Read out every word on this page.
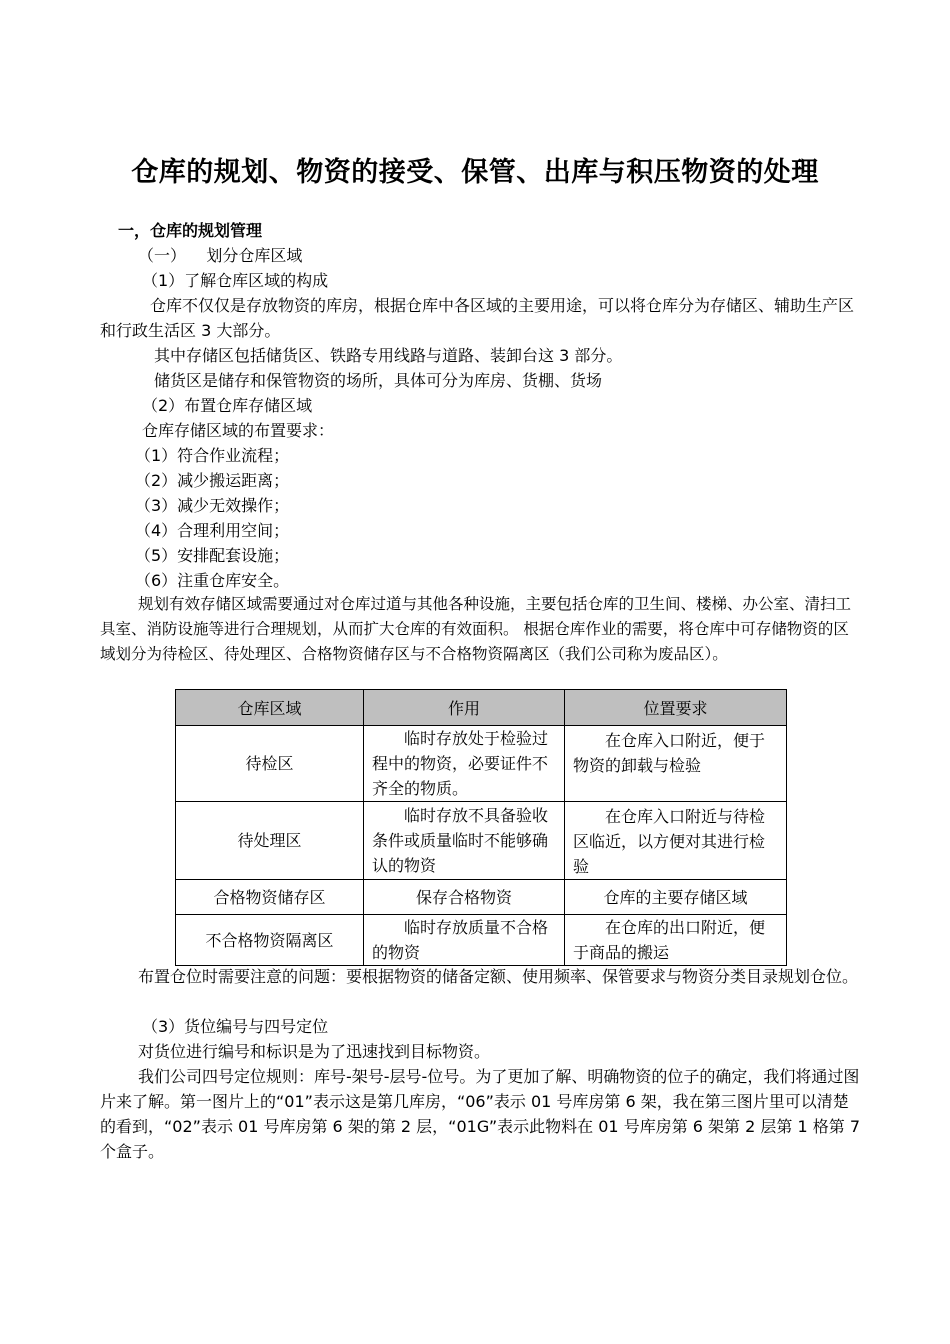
仓库的规划、物资的接受、保管、出库与积压物资的处理
一，仓库的规划管理
（一）    划分仓库区域
（1）了解仓库区域的构成
仓库不仅仅是存放物资的库房，根据仓库中各区域的主要用途，可以将仓库分为存储区、辅助生产区和行政生活区 3 大部分。
其中存储区包括储货区、铁路专用线路与道路、装卸台这 3 部分。
储货区是储存和保管物资的场所，具体可分为库房、货棚、货场
（2）布置仓库存储区域
仓库存储区域的布置要求：
（1）符合作业流程；
（2）减少搬运距离；
（3）减少无效操作；
（4）合理利用空间；
（5）安排配套设施；
（6）注重仓库安全。
规划有效存储区域需要通过对仓库过道与其他各种设施，主要包括仓库的卫生间、楼梯、办公室、清扫工具室、消防设施等进行合理规划，从而扩大仓库的有效面积。 根据仓库作业的需要，将仓库中可存储物资的区域划分为待检区、待处理区、合格物资储存区与不合格物资隔离区（我们公司称为废品区）。
仓库区域	作用	位置要求
待检区	临时存放处于检验过程中的物资，必要证件不齐全的物质。	在仓库入口附近，便于物资的卸载与检验
待处理区	临时存放不具备验收条件或质量临时不能够确认的物资	在仓库入口附近与待检区临近，以方便对其进行检验
合格物资储存区	保存合格物资	仓库的主要存储区域
不合格物资隔离区	临时存放质量不合格的物资	在仓库的出口附近，便于商品的搬运
布置仓位时需要注意的问题：要根据物资的储备定额、使用频率、保管要求与物资分类目录规划仓位。
（3）货位编号与四号定位
对货位进行编号和标识是为了迅速找到目标物资。
我们公司四号定位规则：库号-架号-层号-位号。为了更加了解、明确物资的位子的确定，我们将通过图片来了解。第一图片上的“01”表示这是第几库房，“06”表示 01 号库房第 6 架，我在第三图片里可以清楚的看到，“02”表示 01 号库房第 6 架的第 2 层，“01G”表示此物料在 01 号库房第 6 架第 2 层第 1 格第 7 个盒子。
